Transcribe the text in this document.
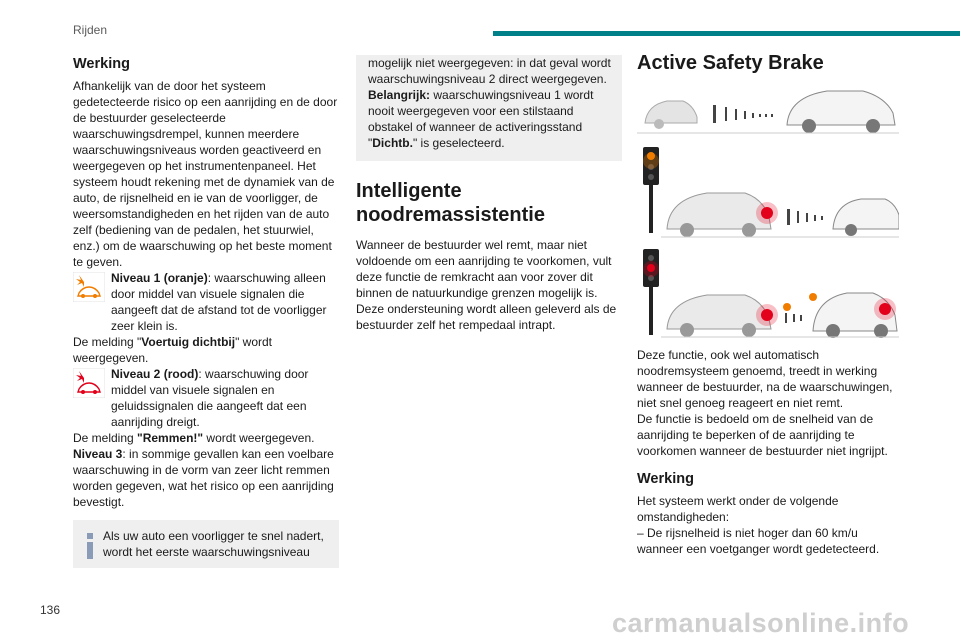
Rijden
Werking

Afhankelijk van de door het systeem gedetecteerde risico op een aanrijding en de door de bestuurder geselecteerde waarschuwingsdrempel, kunnen meerdere waarschuwingsniveaus worden geactiveerd en weergegeven op het instrumentenpaneel. Het systeem houdt rekening met de dynamiek van de auto, de rijsnelheid en ie van de voorligger, de weersomstandigheden en het rijden van de auto zelf (bediening van de pedalen, het stuurwiel, enz.) om de waarschuwing op het beste moment te geven.

Niveau 1 (oranje): waarschuwing alleen door middel van visuele signalen die aangeeft dat de afstand tot de voorligger zeer klein is.

De melding "Voertuig dichtbij" wordt weergegeven.

Niveau 2 (rood): waarschuwing door middel van visuele signalen en geluidssignalen die aangeeft dat een aanrijding dreigt.

De melding "Remmen!" wordt weergegeven.

Niveau 3: in sommige gevallen kan een voelbare waarschuwing in de vorm van zeer licht remmen worden gegeven, wat het risico op een aanrijding bevestigt.

Als uw auto een voorligger te snel nadert, wordt het eerste waarschuwingsniveau

mogelijk niet weergegeven: in dat geval wordt waarschuwingsniveau 2 direct weergegeven.

Belangrijk: waarschuwingsniveau 1 wordt nooit weergegeven voor een stilstaand obstakel of wanneer de activeringsstand "Dichtb." is geselecteerd.

Intelligente noodremassistentie

Wanneer de bestuurder wel remt, maar niet voldoende om een aanrijding te voorkomen, vult deze functie de remkracht aan voor zover dit binnen de natuurkundige grenzen mogelijk is. Deze ondersteuning wordt alleen geleverd als de bestuurder zelf het rempedaal intrapt.

Active Safety Brake

Deze functie, ook wel automatisch noodremsysteem genoemd, treedt in werking wanneer de bestuurder, na de waarschuwingen, niet snel genoeg reageert en niet remt.

De functie is bedoeld om de snelheid van de aanrijding te beperken of de aanrijding te voorkomen wanneer de bestuurder niet ingrijpt.

Werking

Het systeem werkt onder de volgende omstandigheden:

– De rijsnelheid is niet hoger dan 60 km/u wanneer een voetganger wordt gedetecteerd.

136	carmanualsonline.info
